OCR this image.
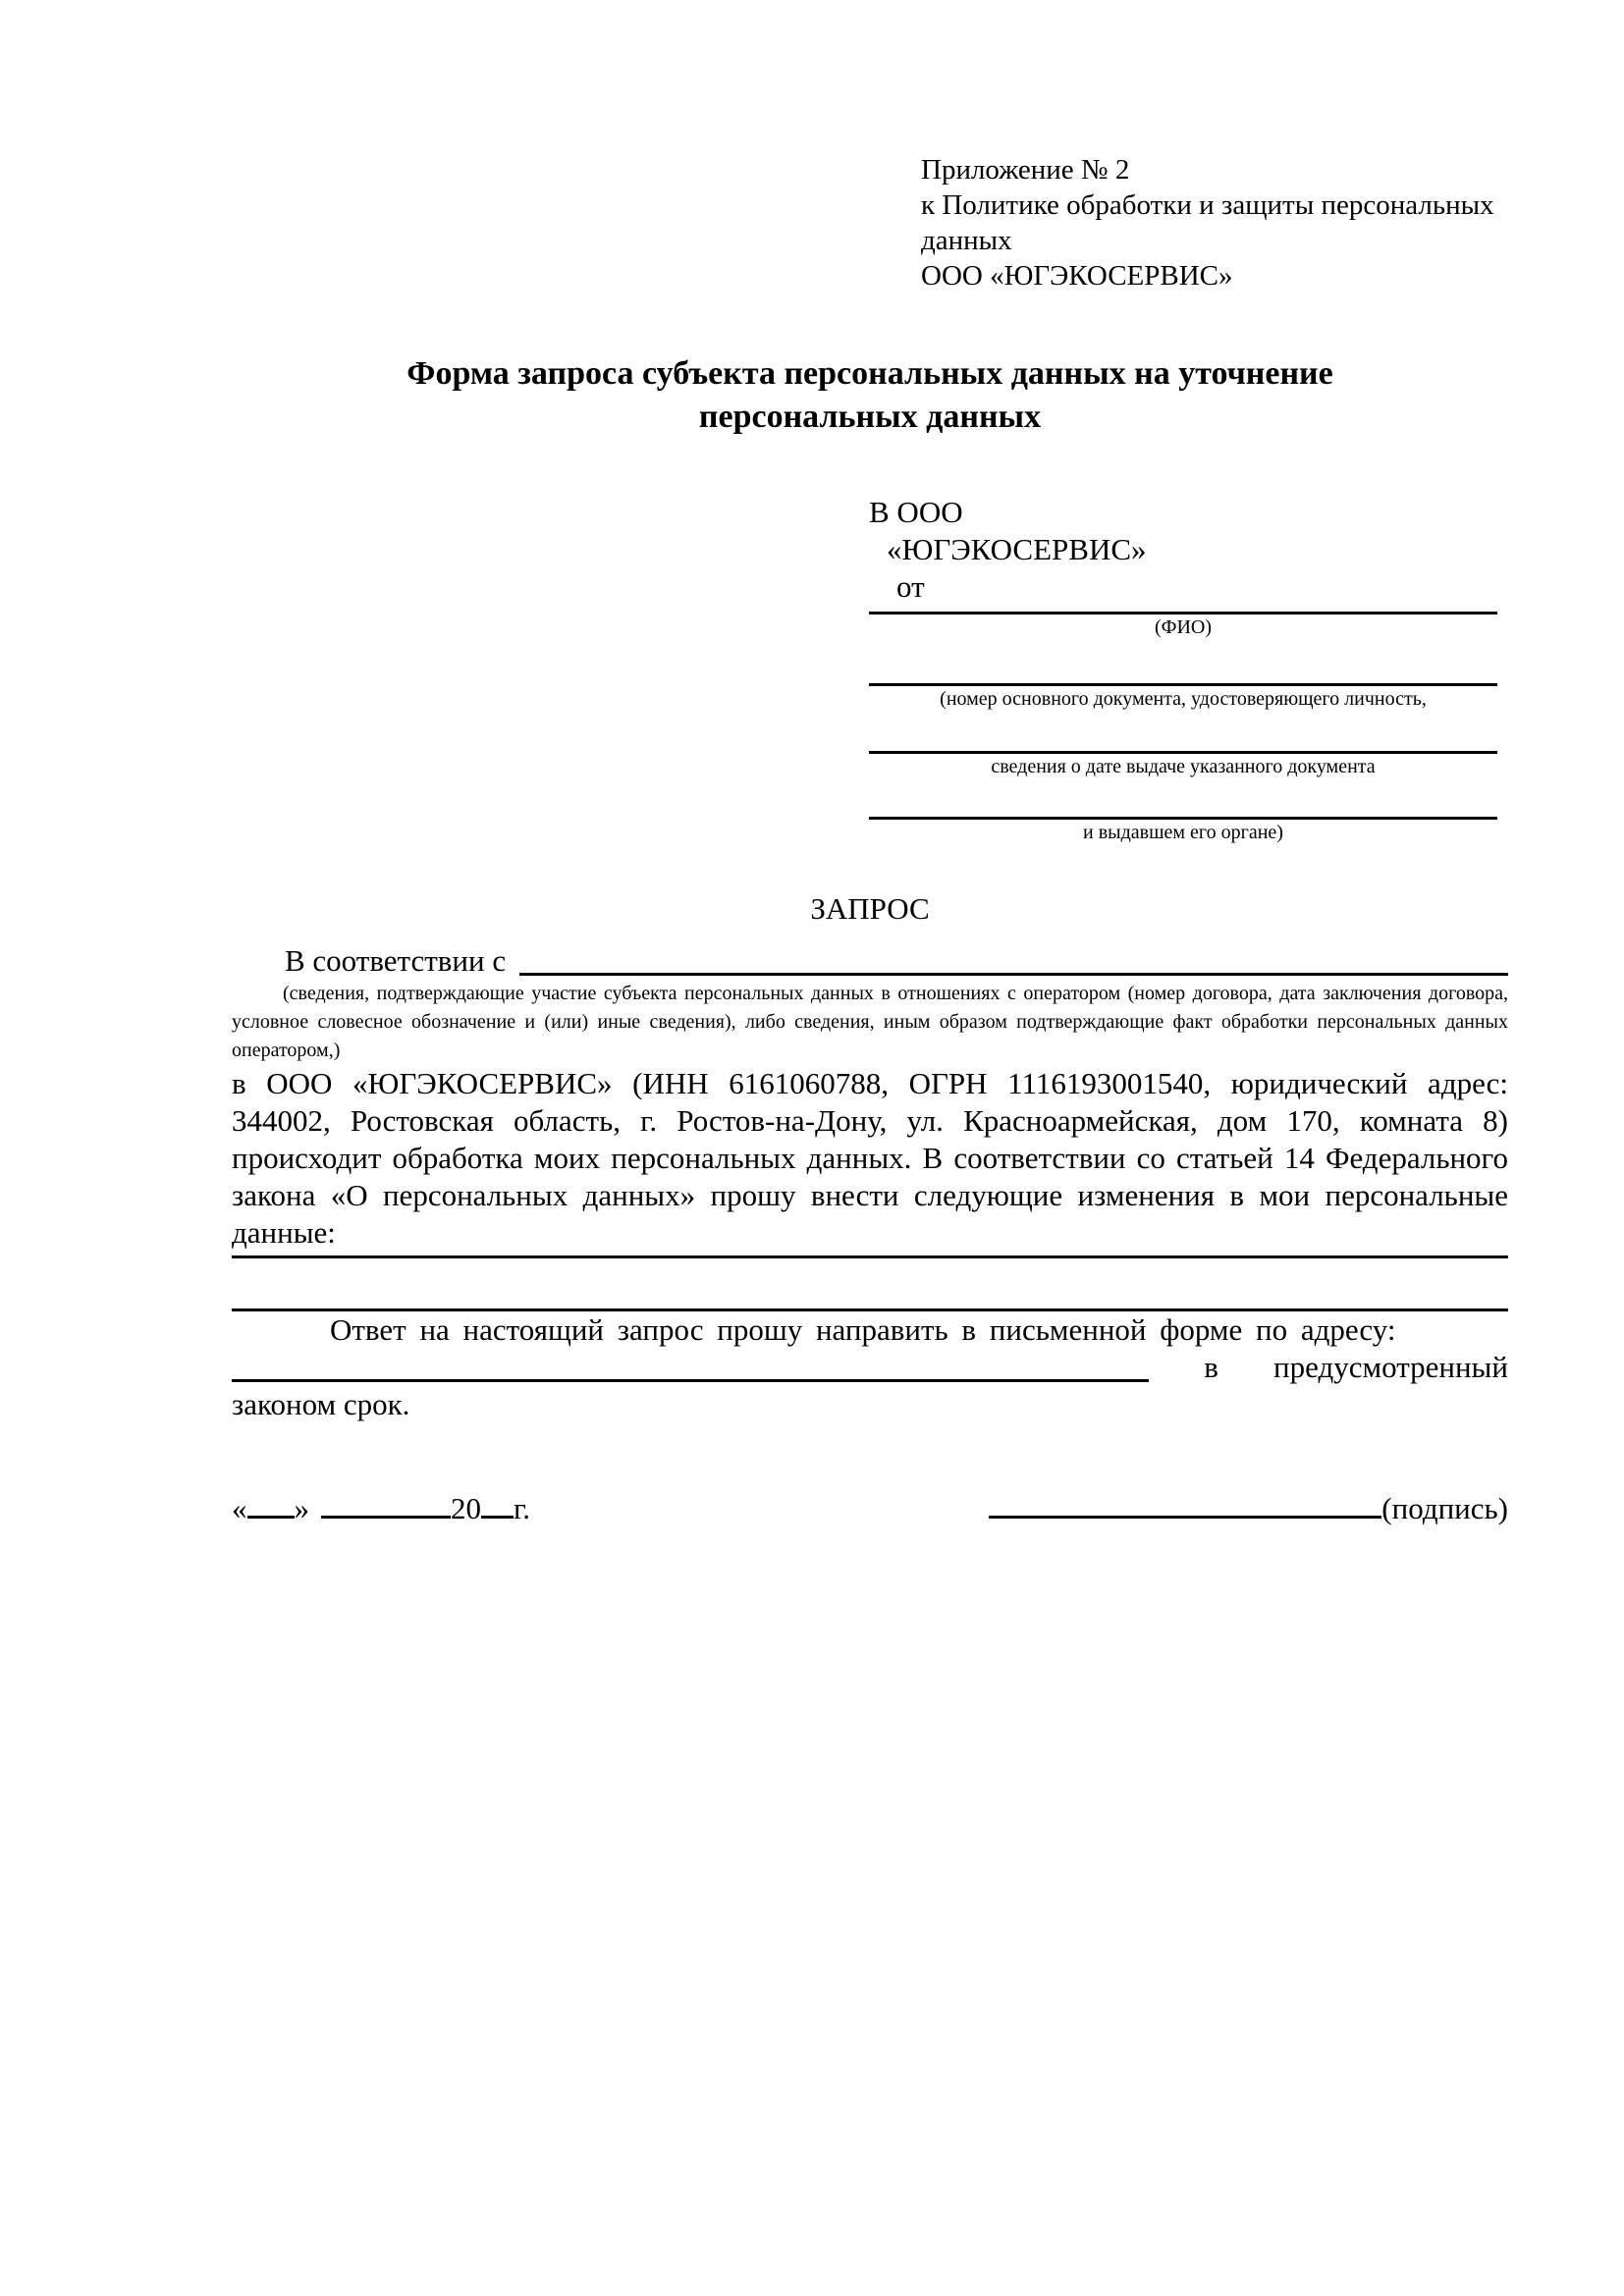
Приложение № 2
к Политике обработки и защиты персональных
данных
ООО «ЮГЭКОСЕРВИС»
Форма запроса субъекта персональных данных на уточнение
персональных данных
В ООО
«ЮГЭКОСЕРВИС»
от
(ФИО)
(номер основного документа, удостоверяющего личность,
сведения о дате выдаче указанного документа
и выдавшем его органе)
ЗАПРОС
В соответствии с
(сведения, подтверждающие участие субъекта персональных данных в отношениях с оператором (номер договора, дата заключения договора, условное словесное обозначение и (или) иные сведения), либо сведения, иным образом подтверждающие факт обработки персональных данных оператором,)
в ООО «ЮГЭКОСЕРВИС» (ИНН 6161060788, ОГРН 1116193001540, юридический адрес: 344002, Ростовская область, г. Ростов-на-Дону, ул. Красноармейская, дом 170, комната 8) происходит обработка моих персональных данных. В соответствии со статьей 14 Федерального закона «О персональных данных» прошу внести следующие изменения в мои персональные данные:
Ответ на настоящий запрос прошу направить в письменной форме по адресу:
в предусмотренный
законом срок.
« »	20 г.	(подпись)
